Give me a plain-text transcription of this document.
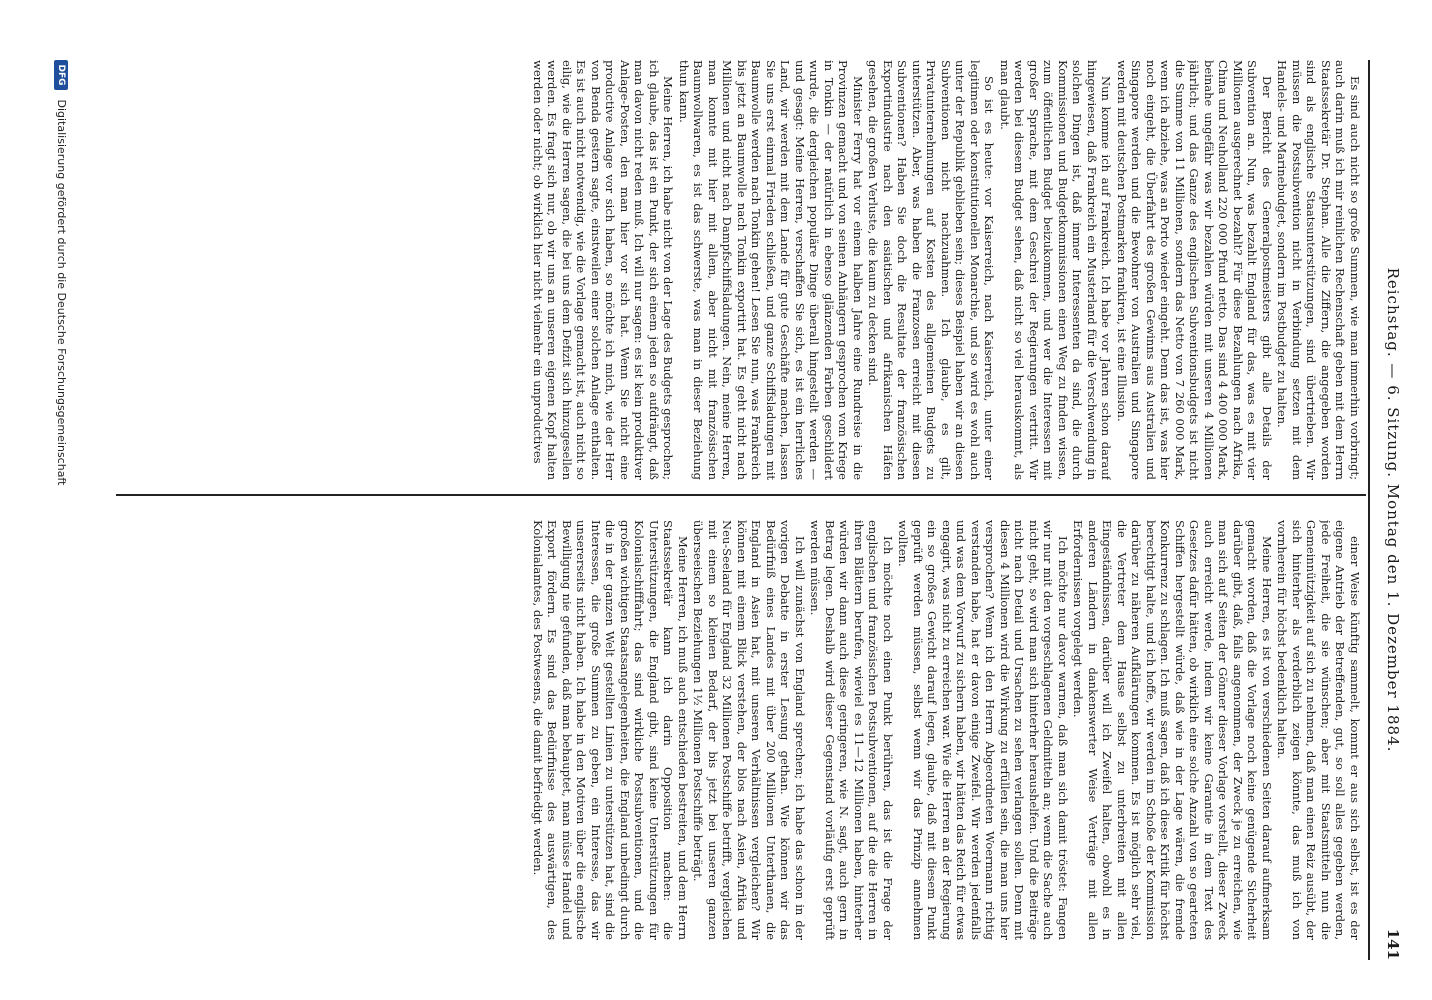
Reichstag. — 6. Sitzung. Montag den 1. Dezember 1884.
141

Es sind auch nicht so große Summen, wie man immerhin vorbringt; auch darin muß ich mir reinlichen Rechenschaft geben mit dem Herrn Staatssekretär Dr. Stephan. Alle die Ziffern, die angegeben worden sind als englische Staatsunterstützungen, sind übertrieben. Wir müssen die Postsubvention nicht in Verbindung setzen mit dem Handels- und Marinebudget, sondern im Postbudget zu halten.

Der Bericht des Generalpostmeisters gibt alle Details der Subvention an. Nun, was bezahlt England für das, was es mit vier Millionen ausgerechnet bezahlt? Für diese Bezahlungen nach Afrika, China und Neuholland 220 000 Pfund netto. Das sind 4 400 000 Mark, beinahe ungefähr was wir bezahlen würden mit unseren 4 Millionen jährlich; und das Ganze des englischen Subventionsbudgets ist nicht die Summe von 11 Millionen, sondern das Netto von 7 260 000 Mark, wenn ich abziehe, was an Porto wieder eingeht. Denn das ist, was hier noch eingeht, die Überfahrt des großen Gewinns aus Australien und Singapore werden und die Bewohner von Australien und Singapore werden mit deutschen Postmarken frankiren, ist eine Illusion.

Nun komme ich auf Frankreich. Ich habe vor Jahren schon darauf hingewiesen, daß Frankreich ein Musterland für die Verschwendung in solchen Dingen ist, daß immer Interessenten da sind, die durch Kommissionen und Budgetkommissionen einen Weg zu finden wissen, zum öffentlichen Budget beizukommen, und wer die Interessen mit großer Sprache, mit dem Geschrei der Regierungen vertritt. Wir werden bei diesem Budget sehen, daß nicht so viel herauskommt, als man glaubt.

So ist es heute: vor Kaiserreich, nach Kaiserreich, unter einer legitimen oder konstitutionellen Monarchie, und so wird es wohl auch unter der Republik geblieben sein; dieses Beispiel haben wir an diesen Subventionen nicht nachzuahmen. Ich glaube, es gilt, Privatunternehmungen auf Kosten des allgemeinen Budgets zu unterstützen. Aber, was haben die Franzosen erreicht mit diesen Subventionen? Haben Sie doch die Resultate der französischen Exportindustrie nach den asiatischen und afrikanischen Häfen gesehen, die großen Verluste, die kaum zu decken sind.

Minister Ferry hat vor einem halben Jahre eine Rundreise in die Provinzen gemacht und von seinen Anhängern gesprochen vom Kriege in Tonkin — der natürlich in ebenso glänzenden Farben geschildert wurde, die dergleichen populäre Dinge überall hingestellt werden — und gesagt: Meine Herren, verschaffen Sie sich, es ist ein herrliches Land, wir werden mit dem Lande für gute Geschäfte machen, lassen Sie uns erst einmal Frieden schließen, und ganze Schiffsladungen mit Baumwolle werden nach Tonkin gehen! Lesen Sie nun, was Frankreich bis jetzt an Baumwolle nach Tonkin exportirt hat. Es geht nicht nach Millionen und nicht nach Dampfschiffsladungen. Nein, meine Herren, man konnte mit hier mit allem, aber nicht mit französischen Baumwollwaren, es ist das schwerste, was man in dieser Beziehung thun kann.

Meine Herren, ich habe nicht von der Lage des Budgets gesprochen; ich glaube, das ist ein Punkt, der sich einem jeden so aufdrängt, daß man davon nicht reden muß. Ich will nur sagen: es ist kein produktiver Anlage-Posten, den man hier vor sich hat. Wenn Sie nicht eine productive Anlage vor sich haben, so möchte ich mich, wie der Herr von Benda gestern sagte, einstweilen einer solchen Anlage enthalten. Es ist auch nicht notwendig, wie die Vorlage gemacht ist, auch nicht so eilig, wie die Herren sagen, die bei uns dem Defizit sich hinzugesellen werden. Es fragt sich nur, ob wir uns an unseren eigenen Kopf halten werden oder nicht; ob wirklich hier nicht vielmehr ein unproductives

einer Weise künftig sammelt, kommt er aus sich selbst, ist es der eigene Antrieb der Betreffenden, gut, so soll alles gegeben werden, jede Freiheit, die sie wünschen; aber mit Staatsmitteln nun die Gemeinnützigkeit auf sich zu nehmen, daß man einen Reiz ausübt, der sich hinterher als verderblich zeigen könnte, das muß ich von vornherein für höchst bedenklich halten.

Meine Herren, es ist von verschiedenen Seiten darauf aufmerksam gemacht worden, daß die Vorlage noch keine genügende Sicherheit darüber gibt, daß, falls angenommen, der Zweck je zu erreichen, wie man sich auf Seiten der Gönner dieser Vorlage vorstellt, dieser Zweck auch erreicht werde, indem wir keine Garantie in dem Text des Gesetzes dafür hätten, ob wirklich eine solche Anzahl von so gearteten Schiffen hergestellt würde, daß wie in der Lage wären, die fremde Konkurrenz zu schlagen. Ich muß sagen, daß ich diese Kritik für höchst berechtigt halte, und ich hoffe, wir werden im Schoße der Kommission darüber zu näheren Aufklärungen kommen. Es ist möglich sehr viel, die Vertreter dem Hause selbst zu unterbreiten mit allen Eingeständnissen, darüber will ich Zweifel halten, obwohl es in anderen Ländern in dankenswerter Weise Verträge mit allen Erfordernissen vorgelegt werden.

Ich möchte nur davor warnen, daß man sich damit tröstet: Fangen wir nur mit den vorgeschlagenen Geldmitteln an; wenn die Sache auch nicht geht, so wird man sich hinterher heraushelfen. Und die Beiträge nicht nach Detail und Ursachen zu sehen verlangen sollen. Denn mit diesen 4 Millionen wird die Wirkung zu erfüllen sein, die man uns hier versprochen? Wenn ich den Herrn Abgeordneten Woermann richtig verstanden habe, hat er davon einige Zweifel. Wir werden jedenfalls und was dem Vorwurf zu sichern haben, wir hätten das Reich für etwas engagirt, was nicht zu erreichen war. Wie die Herren an der Regierung ein so großes Gewicht darauf legen, glaube, daß mit diesem Punkt geprüft werden müssen, selbst wenn wir das Prinzip annehmen wollten.

Ich möchte noch einen Punkt berühren, das ist die Frage der englischen und französischen Postsubventionen, auf die die Herren in ihren Blättern berufen, wieviel es 11—12 Millionen haben, hinterher würden wir dann auch diese geringeren, wie N. sagt, auch gern in Betrag legen. Deshalb wird dieser Gegenstand vorläufig erst geprüft werden müssen.

Ich will zunächst von England sprechen; ich habe das schon in der vorigen Debatte in erster Lesung gethan. Wie können wir das Bedürfniß eines Landes mit über 200 Millionen Unterthanen, die England in Asien hat, mit unseren Verhältnissen vergleichen? Wir können mit einem Blick verstehen, der blos nach Asien, Afrika und Neu-Seeland für England 32 Millionen Postschiffe betrifft, vergleichen mit einem so kleinen Bedarf, der bis jetzt bei unseren ganzen überseeischen Beziehungen 1½ Millionen Postschiffe beträgt.

Meine Herren, ich muß auch entschieden bestreiten, und dem Herrn Staatssekretär kann ich darin Opposition machen: die Unterstützungen, die England gibt, sind keine Unterstützungen für Kolonialschifffahrt; das sind wirkliche Postsubventionen, und die großen wichtigen Staatsangelegenheiten, die England unbedingt durch die in der ganzen Welt gestellten Linien zu unterstützen hat, sind die Interessen, die große Summen zu geben, ein Interesse, das wir unsererseits nicht haben. Ich habe in den Motiven über die englische Bewilligung nie gefunden, daß man behauptet, man müsse Handel und Export fördern. Es sind das Bedürfnisse des auswärtigen, des Kolonialamtes, des Postwesens, die damit befriedigt werden.

DFG Digitalisierung gefördert durch die Deutsche Forschungsgemeinschaft
